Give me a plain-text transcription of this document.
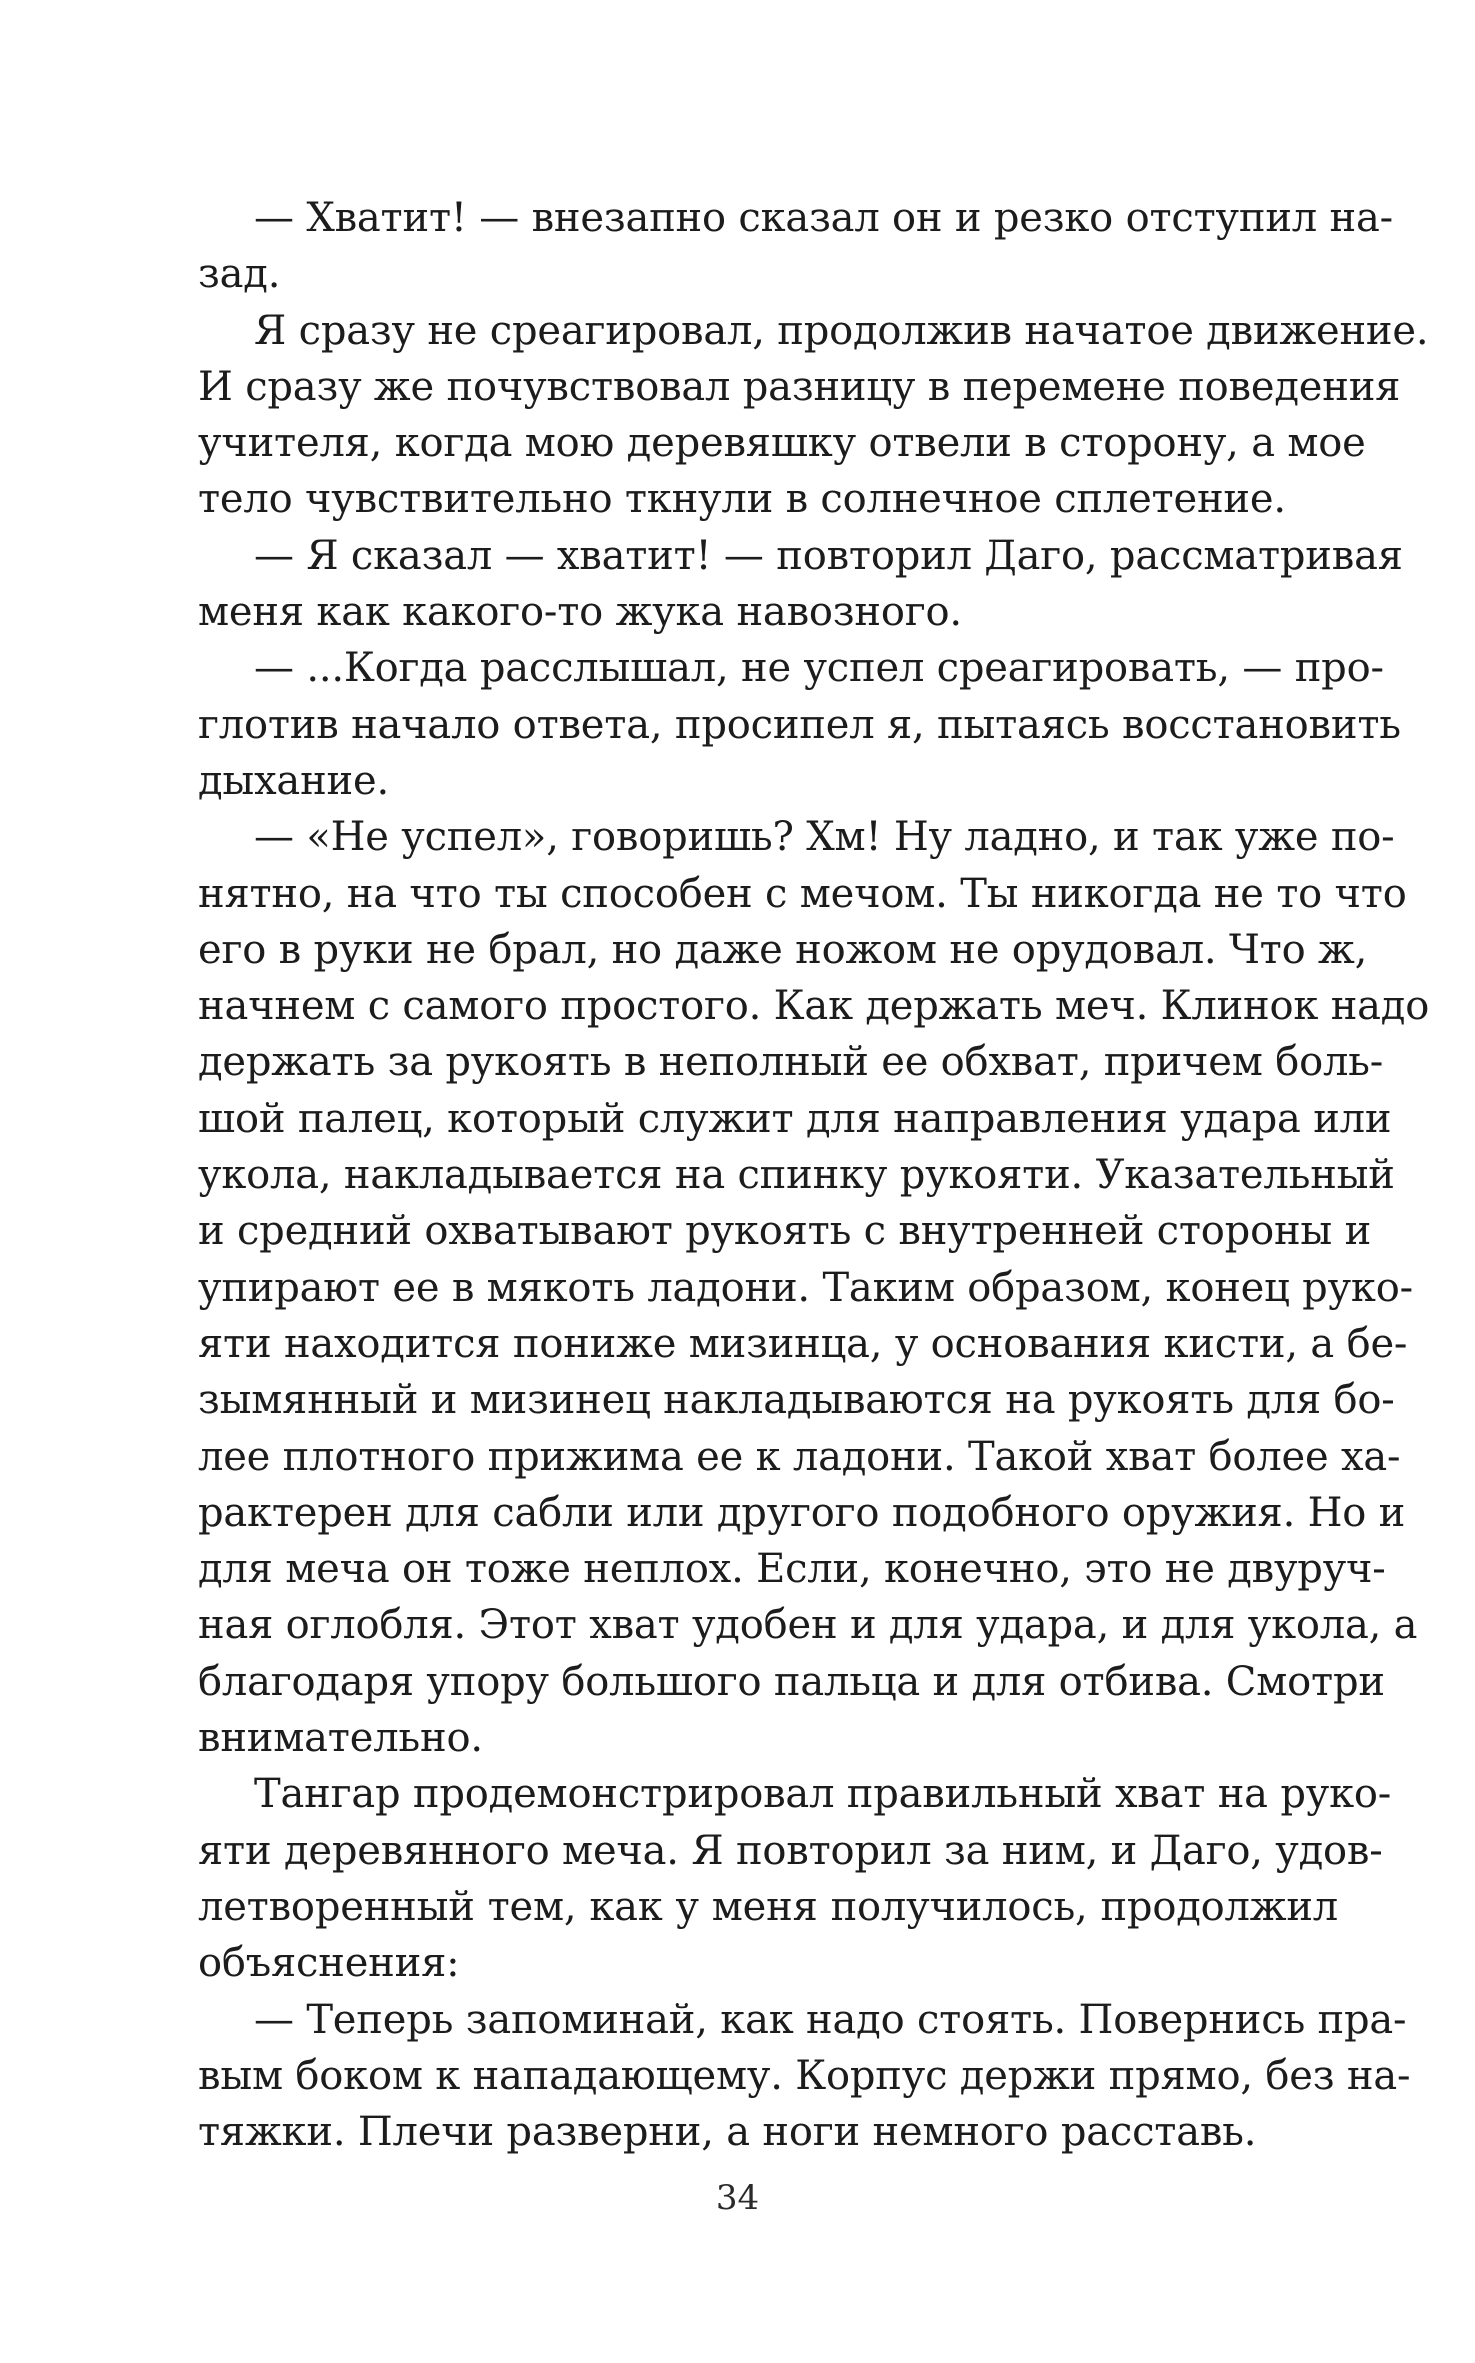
— Хватит! — внезапно сказал он и резко отступил на-
зад.
Я сразу не среагировал, продолжив начатое движение.
И сразу же почувствовал разницу в перемене поведения
учителя, когда мою деревяшку отвели в сторону, а мое
тело чувствительно ткнули в солнечное сплетение.
— Я сказал — хватит! — повторил Даго, рассматривая
меня как какого-то жука навозного.
— ...Когда расслышал, не успел среагировать, — про-
глотив начало ответа, просипел я, пытаясь восстановить
дыхание.
— «Не успел», говоришь? Хм! Ну ладно, и так уже по-
нятно, на что ты способен с мечом. Ты никогда не то что
его в руки не брал, но даже ножом не орудовал. Что ж,
начнем с самого простого. Как держать меч. Клинок надо
держать за рукоять в неполный ее обхват, причем боль-
шой палец, который служит для направления удара или
укола, накладывается на спинку рукояти. Указательный
и средний охватывают рукоять с внутренней стороны и
упирают ее в мякоть ладони. Таким образом, конец руко-
яти находится пониже мизинца, у основания кисти, а бе-
зымянный и мизинец накладываются на рукоять для бо-
лее плотного прижима ее к ладони. Такой хват более ха-
рактерен для сабли или другого подобного оружия. Но и
для меча он тоже неплох. Если, конечно, это не двуруч-
ная оглобля. Этот хват удобен и для удара, и для укола, а
благодаря упору большого пальца и для отбива. Смотри
внимательно.
Тангар продемонстрировал правильный хват на руко-
яти деревянного меча. Я повторил за ним, и Даго, удов-
летворенный тем, как у меня получилось, продолжил
объяснения:
— Теперь запоминай, как надо стоять. Повернись пра-
вым боком к нападающему. Корпус держи прямо, без на-
тяжки. Плечи разверни, а ноги немного расставь.
34
